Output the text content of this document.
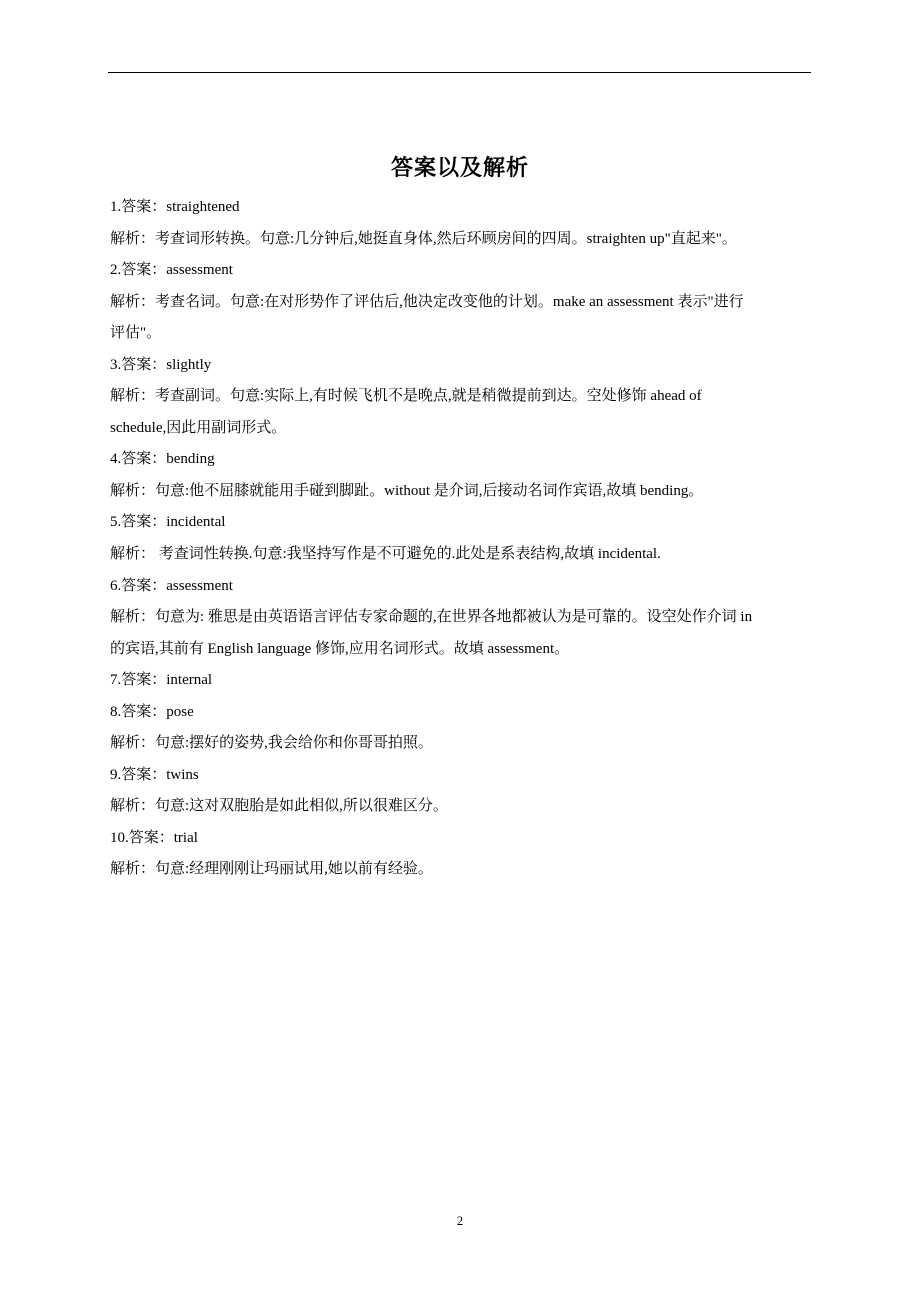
答案以及解析
1.答案：straightened
解析：考查词形转换。句意:几分钟后,她挺直身体,然后环顾房间的四周。straighten up"直起来"。
2.答案：assessment
解析：考查名词。句意:在对形势作了评估后,他决定改变他的计划。make an assessment 表示"进行
评估"。
3.答案：slightly
解析：考查副词。句意:实际上,有时候飞机不是晚点,就是稍微提前到达。空处修饰 ahead of
schedule,因此用副词形式。
4.答案：bending
解析：句意:他不屈膝就能用手碰到脚趾。without 是介词,后接动名词作宾语,故填 bending。
5.答案：incidental
解析： 考查词性转换.句意:我坚持写作是不可避免的.此处是系表结构,故填 incidental.
6.答案：assessment
解析：句意为: 雅思是由英语语言评估专家命题的,在世界各地都被认为是可靠的。设空处作介词 in
的宾语,其前有 English language 修饰,应用名词形式。故填 assessment。
7.答案：internal
8.答案：pose
解析：句意:摆好的姿势,我会给你和你哥哥拍照。
9.答案：twins
解析：句意:这对双胞胎是如此相似,所以很难区分。
10.答案：trial
解析：句意:经理刚刚让玛丽试用,她以前有经验。
2
